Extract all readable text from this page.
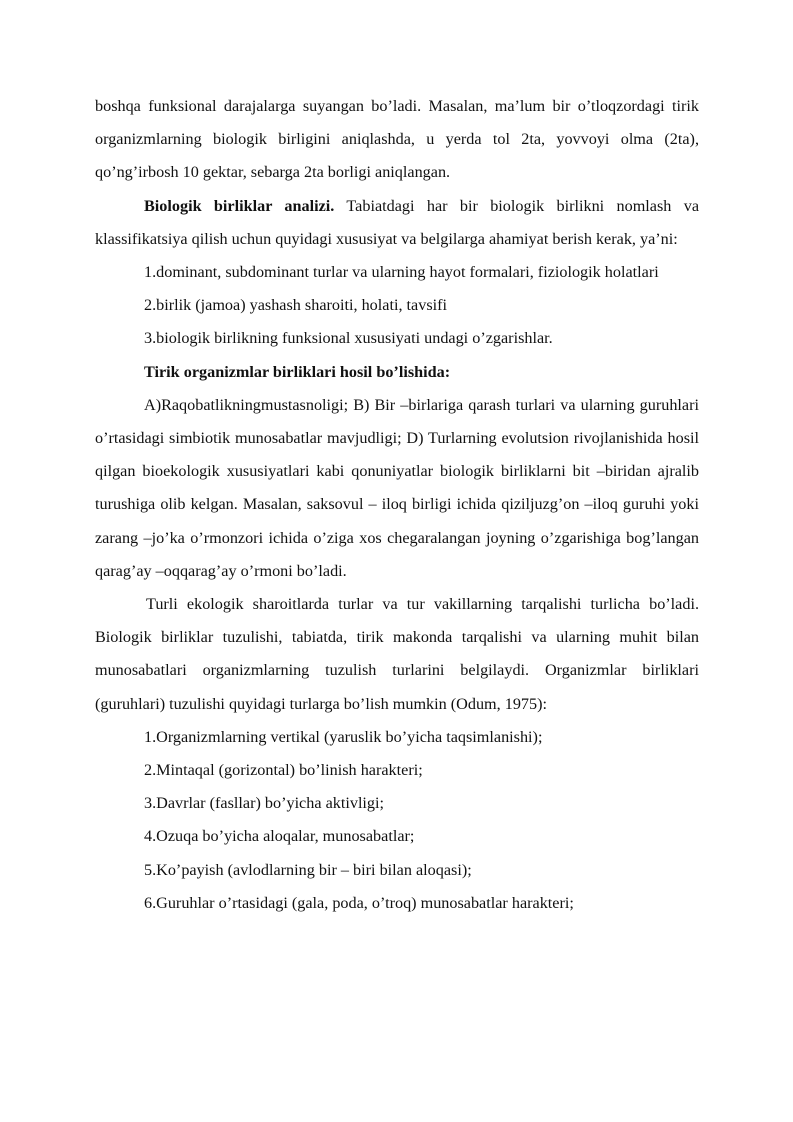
boshqa funksional darajalarga suyangan bo’ladi. Masalan, ma’lum bir o’tloqzordagi tirik organizmlarning biologik birligini aniqlashda, u yerda tol 2ta, yovvoyi olma (2ta), qo’ng’irbosh 10 gektar, sebarga 2ta borligi aniqlangan.

Biologik birliklar analizi. Tabiatdagi har bir biologik birlikni nomlash va klassifikatsiya qilish uchun quyidagi xususiyat va belgilarga ahamiyat berish kerak, ya’ni:

1.dominant, subdominant turlar va ularning hayot formalari, fiziologik holatlari

2.birlik (jamoa) yashash sharoiti, holati, tavsifi

3.biologik birlikning funksional xususiyati undagi o’zgarishlar.

Tirik organizmlar birliklari hosil bo’lishida:

A)Raqobatlikningmustasnoligi; B) Bir –birlariga qarash turlari va ularning guruhlari o’rtasidagi simbiotik munosabatlar mavjudligi; D) Turlarning evolutsion rivojlanishida hosil qilgan bioekologik xususiyatlari kabi qonuniyatlar biologik birliklarni bit –biridan ajralib turushiga olib kelgan. Masalan, saksovul – iloq birligi ichida qiziljuzg’on –iloq guruhi yoki zarang –jo’ka o’rmonzori ichida o’ziga xos chegaralangan joyning o’zgarishiga bog’langan qarag’ay –oqqarag’ay o’rmoni bo’ladi.

Turli ekologik sharoitlarda turlar va tur vakillarning tarqalishi turlicha bo’ladi. Biologik birliklar tuzulishi, tabiatda, tirik makonda tarqalishi va ularning muhit bilan munosabatlari organizmlarning tuzulish turlarini belgilaydi. Organizmlar birliklari (guruhlari) tuzulishi quyidagi turlarga bo’lish mumkin (Odum, 1975):

1.Organizmlarning vertikal (yaruslik bo’yicha taqsimlanishi);

2.Mintaqal (gorizontal) bo’linish harakteri;

3.Davrlar (fasllar) bo’yicha aktivligi;

4.Ozuqa bo’yicha aloqalar, munosabatlar;

5.Ko’payish (avlodlarning bir – biri bilan aloqasi);

6.Guruhlar o’rtasidagi (gala, poda, o’troq) munosabatlar harakteri;
